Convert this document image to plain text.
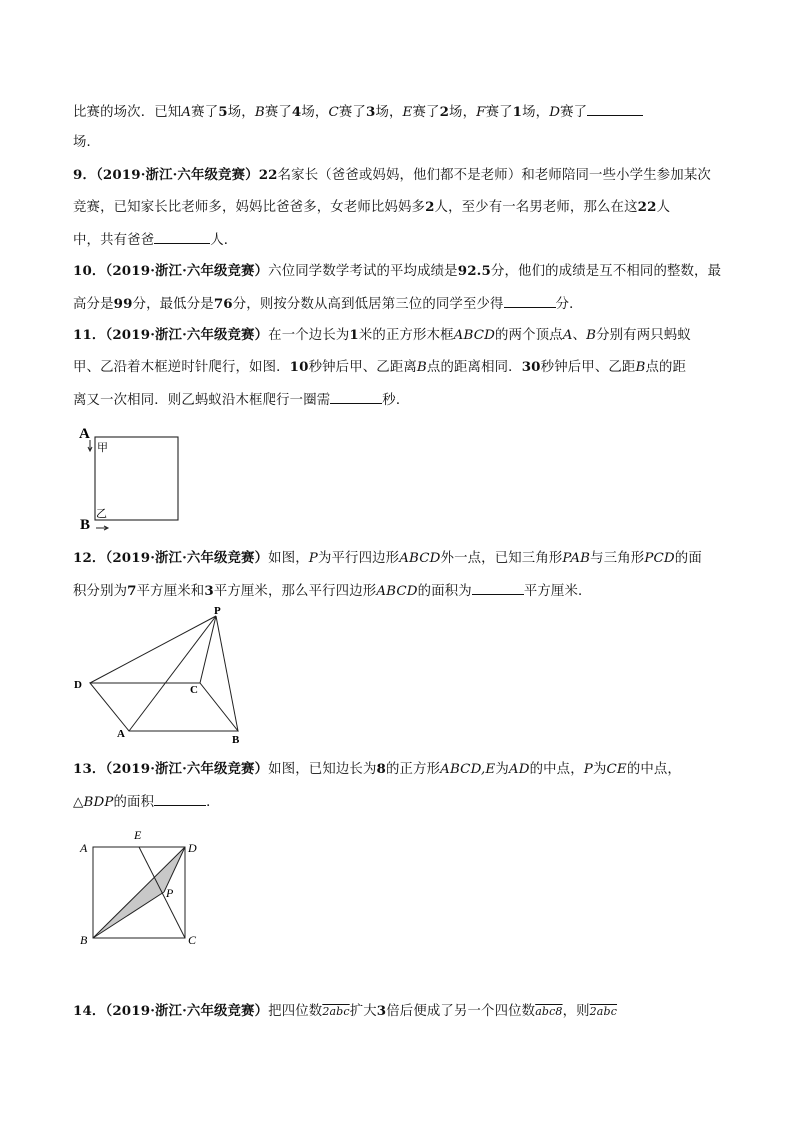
比赛的场次．已知A赛了5场，B赛了4场，C赛了3场，E赛了2场，F赛了1场，D赛了
场．
9．（2019·浙江·六年级竞赛）22名家长（爸爸或妈妈，他们都不是老师）和老师陪同一些小学生参加某次
竞赛，已知家长比老师多，妈妈比爸爸多，女老师比妈妈多2人，至少有一名男老师，那么在这22人
中，共有爸爸	人．
10．（2019·浙江·六年级竞赛）六位同学数学考试的平均成绩是92.5分，他们的成绩是互不相同的整数，最
高分是99分，最低分是76分，则按分数从高到低居第三位的同学至少得	分．
11．（2019·浙江·六年级竞赛）在一个边长为1米的正方形木框ABCD的两个顶点A、B分别有两只蚂蚁
甲、乙沿着木框逆时针爬行，如图．10秒钟后甲、乙距离B点的距离相同．30秒钟后甲、乙距B点的距
离又一次相同．则乙蚂蚁沿木框爬行一圈需	秒．
A
B
甲
乙
12．（2019·浙江·六年级竞赛）如图，P为平行四边形ABCD外一点，已知三角形PAB与三角形PCD的面
积分别为7平方厘米和3平方厘米，那么平行四边形ABCD的面积为	平方厘米．
P
D	C
A	B
13．（2019·浙江·六年级竞赛）如图，已知边长为8的正方形ABCD,E为AD的中点，P为CE的中点，
△BDP的面积	．
E
A	D
P
B	C
14．（2019·浙江·六年级竞赛）把四位数2abc扩大3倍后便成了另一个四位数abc8，则2abc
